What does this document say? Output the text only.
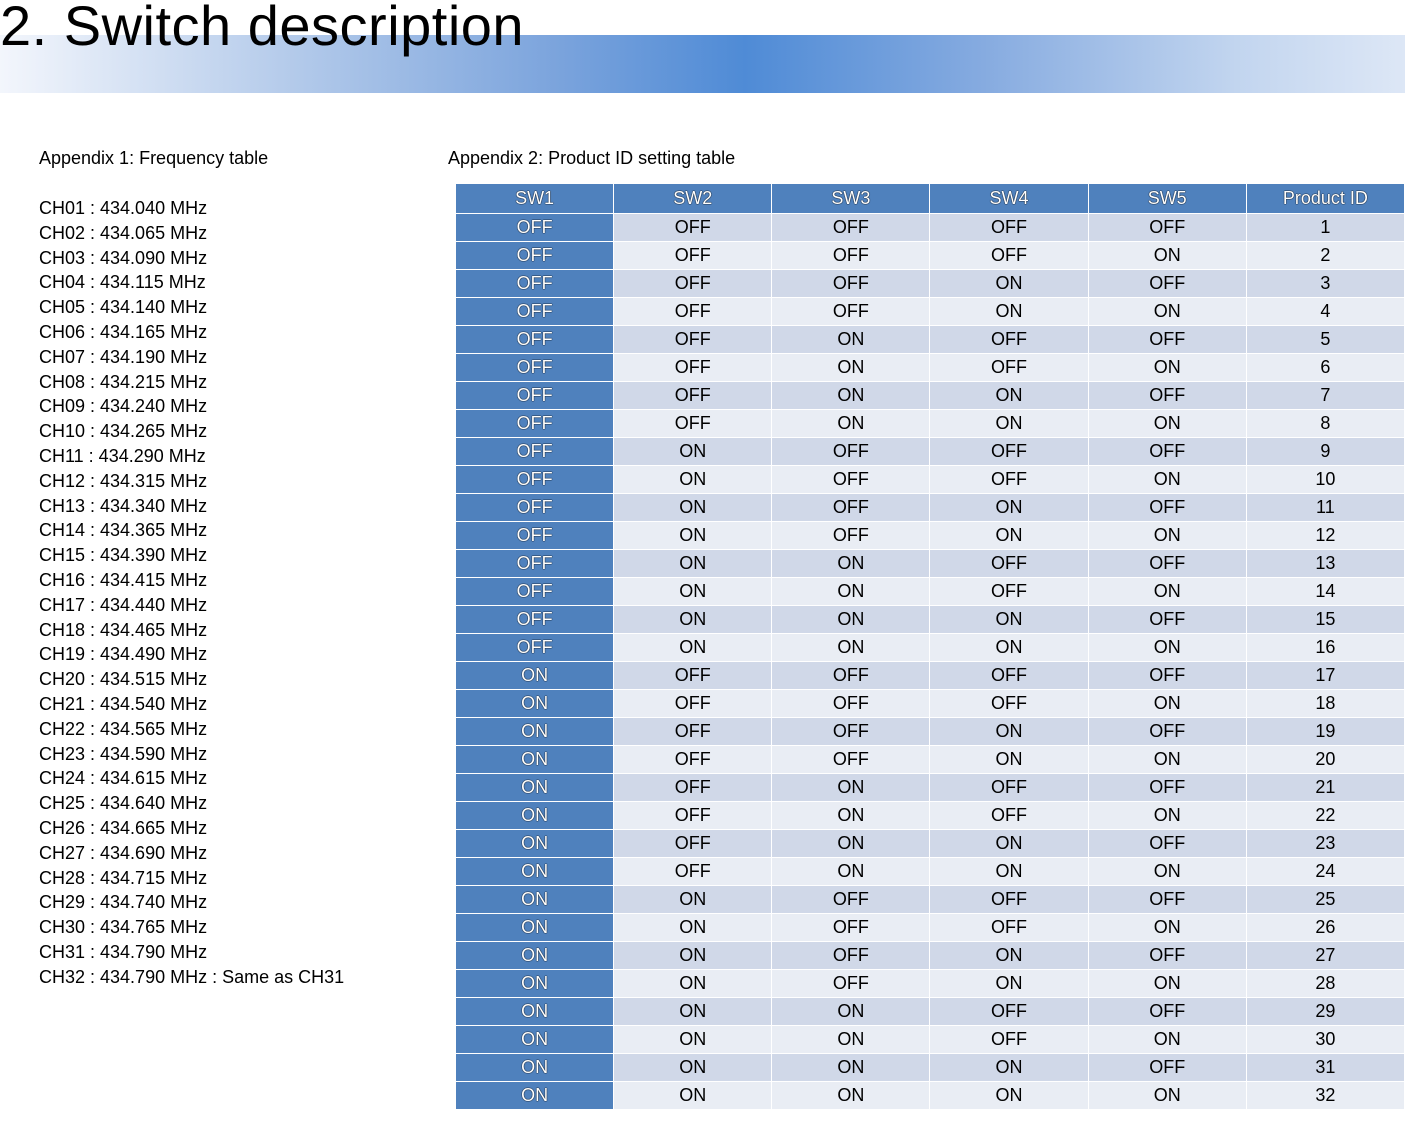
2. Switch description
Appendix 1: Frequency table
CH01 : 434.040 MHz
CH02 : 434.065 MHz
CH03 : 434.090 MHz
CH04 : 434.115 MHz
CH05 : 434.140 MHz
CH06 : 434.165 MHz
CH07 : 434.190 MHz
CH08 : 434.215 MHz
CH09 : 434.240 MHz
CH10 : 434.265 MHz
CH11 : 434.290 MHz
CH12 : 434.315 MHz
CH13 : 434.340 MHz
CH14 : 434.365 MHz
CH15 : 434.390 MHz
CH16 : 434.415 MHz
CH17 : 434.440 MHz
CH18 : 434.465 MHz
CH19 : 434.490 MHz
CH20 : 434.515 MHz
CH21 : 434.540 MHz
CH22 : 434.565 MHz
CH23 : 434.590 MHz
CH24 : 434.615 MHz
CH25 : 434.640 MHz
CH26 : 434.665 MHz
CH27 : 434.690 MHz
CH28 : 434.715 MHz
CH29 : 434.740 MHz
CH30 : 434.765 MHz
CH31 : 434.790 MHz
CH32 : 434.790 MHz : Same as CH31
Appendix 2: Product ID setting table
SW1	SW2	SW3	SW4	SW5	Product ID
OFF	OFF	OFF	OFF	OFF	1
OFF	OFF	OFF	OFF	ON	2
OFF	OFF	OFF	ON	OFF	3
OFF	OFF	OFF	ON	ON	4
OFF	OFF	ON	OFF	OFF	5
OFF	OFF	ON	OFF	ON	6
OFF	OFF	ON	ON	OFF	7
OFF	OFF	ON	ON	ON	8
OFF	ON	OFF	OFF	OFF	9
OFF	ON	OFF	OFF	ON	10
OFF	ON	OFF	ON	OFF	11
OFF	ON	OFF	ON	ON	12
OFF	ON	ON	OFF	OFF	13
OFF	ON	ON	OFF	ON	14
OFF	ON	ON	ON	OFF	15
OFF	ON	ON	ON	ON	16
ON	OFF	OFF	OFF	OFF	17
ON	OFF	OFF	OFF	ON	18
ON	OFF	OFF	ON	OFF	19
ON	OFF	OFF	ON	ON	20
ON	OFF	ON	OFF	OFF	21
ON	OFF	ON	OFF	ON	22
ON	OFF	ON	ON	OFF	23
ON	OFF	ON	ON	ON	24
ON	ON	OFF	OFF	OFF	25
ON	ON	OFF	OFF	ON	26
ON	ON	OFF	ON	OFF	27
ON	ON	OFF	ON	ON	28
ON	ON	ON	OFF	OFF	29
ON	ON	ON	OFF	ON	30
ON	ON	ON	ON	OFF	31
ON	ON	ON	ON	ON	32
